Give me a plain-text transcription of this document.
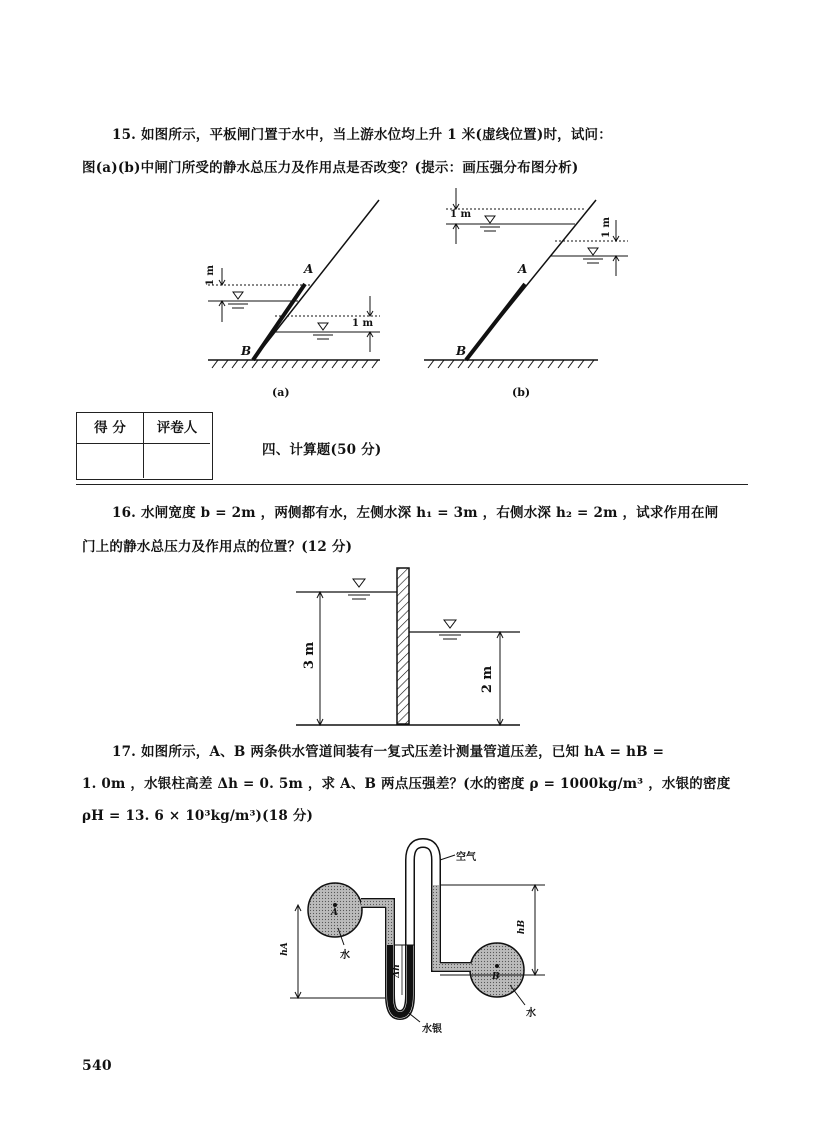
15. 如图所示，平板闸门置于水中，当上游水位均上升 1 米(虚线位置)时，试问：
图(a)(b)中闸门所受的静水总压力及作用点是否改变？(提示：画压强分布图分析)
A
B
1 m
1 m
(a)
A
B
1 m
1 m
(b)
得 分	评卷人
四、计算题(50 分)
16. 水闸宽度 b = 2m ，两侧都有水，左侧水深 h₁ = 3m ，右侧水深 h₂ = 2m ，试求作用在闸
门上的静水总压力及作用点的位置？(12 分)
3 m
2 m
17. 如图所示，A、B 两条供水管道间装有一复式压差计测量管道压差，已知 hA = hB =
1. 0m ，水银柱高差 Δh = 0. 5m ，求 A、B 两点压强差？(水的密度 ρ = 1000kg/m³ ，水银的密度
ρH = 13. 6 × 10³kg/m³)(18 分)
空气
A
B
水
水
水银
hA
hB
Δh
540
